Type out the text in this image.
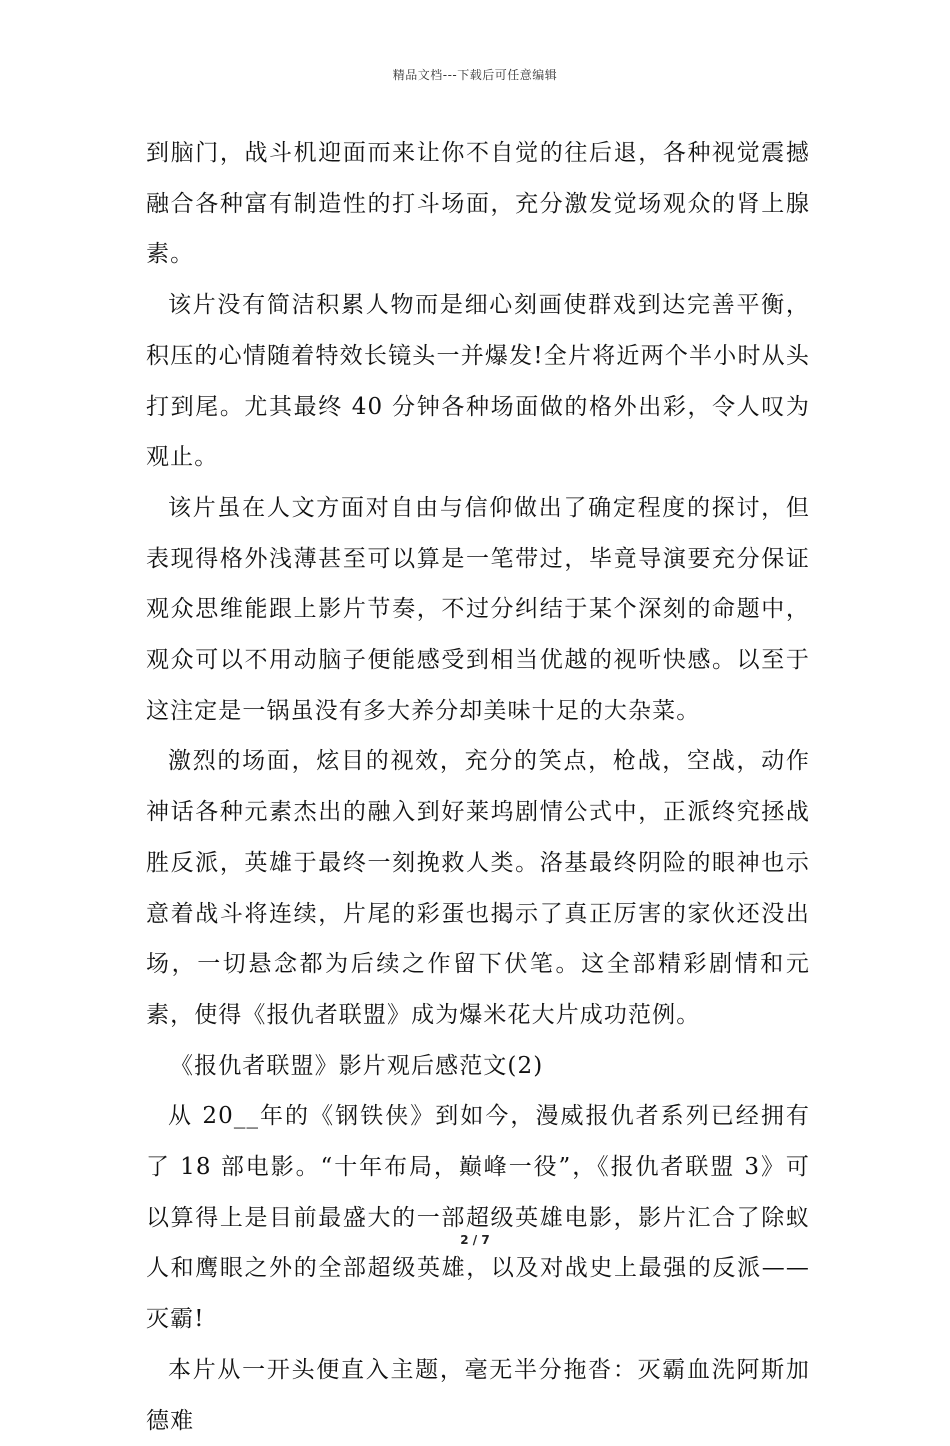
精品文档---下载后可任意编辑

到脑门，战斗机迎面而来让你不自觉的往后退，各种视觉震撼融合各种富有制造性的打斗场面，充分激发觉场观众的肾上腺素。

该片没有简洁积累人物而是细心刻画使群戏到达完善平衡，积压的心情随着特效长镜头一并爆发!全片将近两个半小时从头打到尾。尤其最终 40 分钟各种场面做的格外出彩，令人叹为观止。

该片虽在人文方面对自由与信仰做出了确定程度的探讨，但表现得格外浅薄甚至可以算是一笔带过，毕竟导演要充分保证观众思维能跟上影片节奏，不过分纠结于某个深刻的命题中，观众可以不用动脑子便能感受到相当优越的视听快感。以至于这注定是一锅虽没有多大养分却美味十足的大杂菜。

激烈的场面，炫目的视效，充分的笑点，枪战，空战，动作神话各种元素杰出的融入到好莱坞剧情公式中，正派终究拯战胜反派，英雄于最终一刻挽救人类。洛基最终阴险的眼神也示意着战斗将连续，片尾的彩蛋也揭示了真正厉害的家伙还没出场，一切悬念都为后续之作留下伏笔。这全部精彩剧情和元素，使得《报仇者联盟》成为爆米花大片成功范例。

《报仇者联盟》影片观后感范文(2)

从 20__年的《钢铁侠》到如今，漫威报仇者系列已经拥有了 18 部电影。“十年布局，巅峰一役”，《报仇者联盟 3》可以算得上是目前最盛大的一部超级英雄电影，影片汇合了除蚁人和鹰眼之外的全部超级英雄，以及对战史上最强的反派——灭霸!

本片从一开头便直入主题，毫无半分拖沓：灭霸血洗阿斯加德难

2 / 7
